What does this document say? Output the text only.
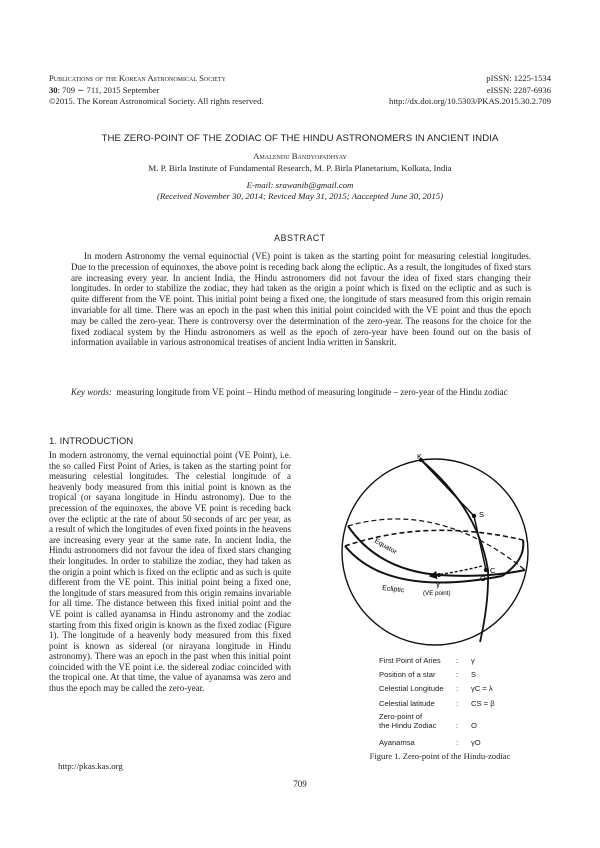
Publications of the Korean Astronomical Society
30: 709 ∼ 711, 2015 September
©2015. The Korean Astronomical Society. All rights reserved.
pISSN: 1225-1534
eISSN: 2287-6936
http://dx.doi.org/10.5303/PKAS.2015.30.2.709
THE ZERO-POINT OF THE ZODIAC OF THE HINDU ASTRONOMERS IN ANCIENT INDIA
Amalendu Bandyopadhyay
M. P. Birla Institute of Fundamental Research, M. P. Birla Planetarium, Kolkata, India
E-mail: srawanib@gmail.com
(Received November 30, 2014; Reviced May 31, 2015; Aaccepted June 30, 2015)
ABSTRACT

In modern Astronomy the vernal equinoctial (VE) point is taken as the starting point for measuring celestial longitudes. Due to the precession of equinoxes, the above point is receding back along the ecliptic. As a result, the longitudes of fixed stars are increasing every year. In ancient India, the Hindu astronomers did not favour the idea of fixed stars changing their longitudes. In order to stabilize the zodiac, they had taken as the origin a point which is fixed on the ecliptic and as such is quite different from the VE point. This initial point being a fixed one, the longitude of stars measured from this origin remain invariable for all time. There was an epoch in the past when this initial point coincided with the VE point and thus the epoch may be called the zero-year. There is controversy over the determination of the zero-year. The reasons for the choice for the fixed zodiacal system by the Hindu astronomers as well as the epoch of zero-year have been found out on the basis of information available in various astronomical treatises of ancient India written in Sanskrit.

Key words: measuring longitude from VE point – Hindu method of measuring longitude – zero-year of the Hindu zodiac

1. INTRODUCTION

In modern astronomy, the vernal equinoctial point (VE Point), i.e. the so called First Point of Aries, is taken as the starting point for measuring celestial longitudes. The celestial longitude of a heavenly body measured from this initial point is known as the tropical (or sayana longitude in Hindu astronomy). Due to the precession of the equinoxes, the above VE point is receding back over the ecliptic at the rate of about 50 seconds of arc per year, as a result of which the longitudes of even fixed points in the heavens are increasing every year at the same rate. In ancient India, the Hindu astronomers did not favour the idea of fixed stars changing their longitudes. In order to stabilize the zodiac, they had taken as the origin a point which is fixed on the ecliptic and as such is quite different from the VE point. This initial point being a fixed one, the longitude of stars measured from this origin remains invariable for all time. The distance between this fixed initial point and the VE point is called ayanamsa in Hindu astronomy and the zodiac starting from this fixed origin is known as the fixed zodiac (Figure 1). The longitude of a heavenly body measured from this fixed point is known as sidereal (or nirayana longitude in Hindu astronomy). There was an epoch in the past when this initial point coincided with the VE point i.e. the sidereal zodiac coincided with the tropical one. At that time, the value of ayanamsa was zero and thus the epoch may be called the zero-year.

http://pkas.kas.org
709
K
S
C
O
γ
(VE point)
Equator
Ecliptic
First Point of Aries	: γ
Position of a star	: S
Celestial Longitude	: γC = λ
Celestial latitude	: CS = β
Zero-point of
the Hindu Zodiac	: O
Ayanamsa	: γO
Figure 1. Zero-point of the Hindu-zodiac
